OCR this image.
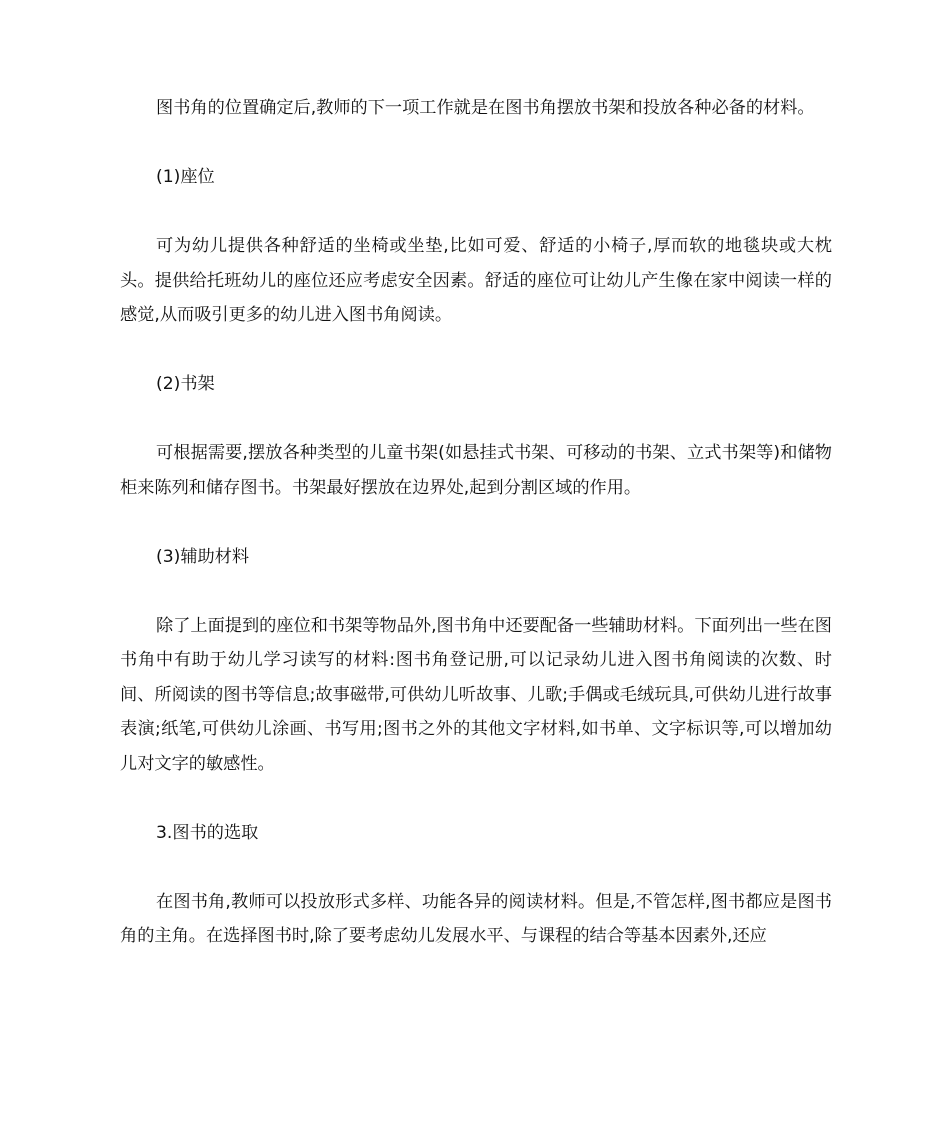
图书角的位置确定后,教师的下一项工作就是在图书角摆放书架和投放各种必备的材料。

(1)座位

可为幼儿提供各种舒适的坐椅或坐垫,比如可爱、舒适的小椅子,厚而软的地毯块或大枕头。提供给托班幼儿的座位还应考虑安全因素。舒适的座位可让幼儿产生像在家中阅读一样的感觉,从而吸引更多的幼儿进入图书角阅读。

(2)书架

可根据需要,摆放各种类型的儿童书架(如悬挂式书架、可移动的书架、立式书架等)和储物柜来陈列和储存图书。书架最好摆放在边界处,起到分割区域的作用。

(3)辅助材料

除了上面提到的座位和书架等物品外,图书角中还要配备一些辅助材料。下面列出一些在图书角中有助于幼儿学习读写的材料:图书角登记册,可以记录幼儿进入图书角阅读的次数、时间、所阅读的图书等信息;故事磁带,可供幼儿听故事、儿歌;手偶或毛绒玩具,可供幼儿进行故事表演;纸笔,可供幼儿涂画、书写用;图书之外的其他文字材料,如书单、文字标识等,可以增加幼儿对文字的敏感性。

3.图书的选取

在图书角,教师可以投放形式多样、功能各异的阅读材料。但是,不管怎样,图书都应是图书角的主角。在选择图书时,除了要考虑幼儿发展水平、与课程的结合等基本因素外,还应
